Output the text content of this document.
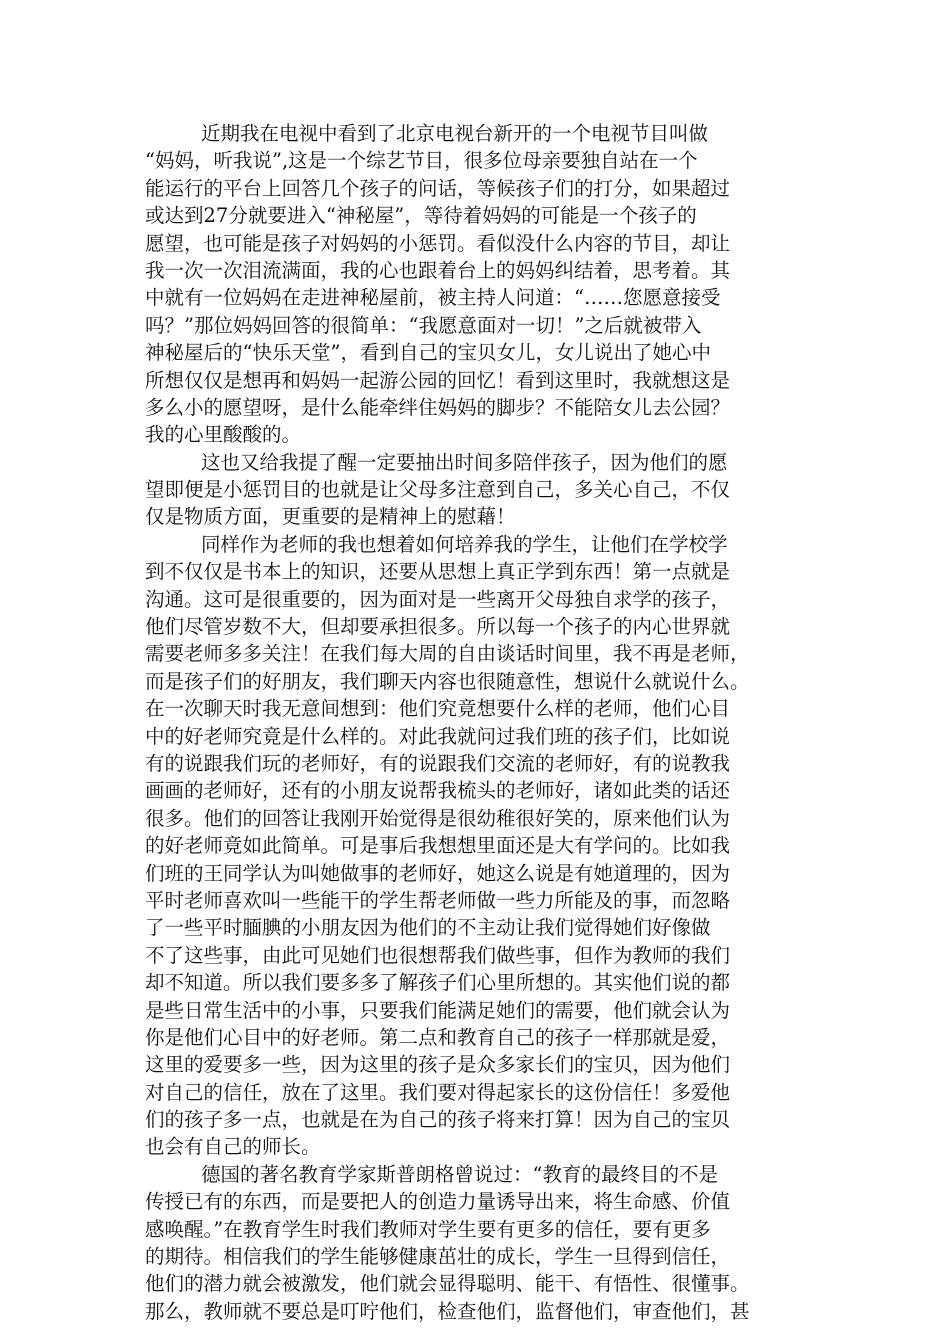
近期我在电视中看到了北京电视台新开的一个电视节目叫做
“妈妈，听我说”,这是一个综艺节目，很多位母亲要独自站在一个
能运行的平台上回答几个孩子的问话，等候孩子们的打分，如果超过
或达到27分就要进入“神秘屋”，等待着妈妈的可能是一个孩子的
愿望，也可能是孩子对妈妈的小惩罚。看似没什么内容的节目，却让
我一次一次泪流满面，我的心也跟着台上的妈妈纠结着，思考着。其
中就有一位妈妈在走进神秘屋前，被主持人问道：“……您愿意接受
吗？”那位妈妈回答的很简单：“我愿意面对一切！”之后就被带入
神秘屋后的“快乐天堂”，看到自己的宝贝女儿，女儿说出了她心中
所想仅仅是想再和妈妈一起游公园的回忆！看到这里时，我就想这是
多么小的愿望呀，是什么能牵绊住妈妈的脚步？不能陪女儿去公园？
我的心里酸酸的。
这也又给我提了醒一定要抽出时间多陪伴孩子，因为他们的愿
望即便是小惩罚目的也就是让父母多注意到自己，多关心自己，不仅
仅是物质方面，更重要的是精神上的慰藉！
同样作为老师的我也想着如何培养我的学生，让他们在学校学
到不仅仅是书本上的知识，还要从思想上真正学到东西！第一点就是
沟通。这可是很重要的，因为面对是一些离开父母独自求学的孩子，
他们尽管岁数不大，但却要承担很多。所以每一个孩子的内心世界就
需要老师多多关注！在我们每大周的自由谈话时间里，我不再是老师，
而是孩子们的好朋友，我们聊天内容也很随意性，想说什么就说什么。
在一次聊天时我无意间想到：他们究竟想要什么样的老师，他们心目
中的好老师究竟是什么样的。对此我就问过我们班的孩子们，比如说
有的说跟我们玩的老师好，有的说跟我们交流的老师好，有的说教我
画画的老师好，还有的小朋友说帮我梳头的老师好，诸如此类的话还
很多。他们的回答让我刚开始觉得是很幼稚很好笑的，原来他们认为
的好老师竟如此简单。可是事后我想想里面还是大有学问的。比如我
们班的王同学认为叫她做事的老师好，她这么说是有她道理的，因为
平时老师喜欢叫一些能干的学生帮老师做一些力所能及的事，而忽略
了一些平时腼腆的小朋友因为他们的不主动让我们觉得她们好像做
不了这些事，由此可见她们也很想帮我们做些事，但作为教师的我们
却不知道。所以我们要多多了解孩子们心里所想的。其实他们说的都
是些日常生活中的小事，只要我们能满足她们的需要，他们就会认为
你是他们心目中的好老师。第二点和教育自己的孩子一样那就是爱，
这里的爱要多一些，因为这里的孩子是众多家长们的宝贝，因为他们
对自己的信任，放在了这里。我们要对得起家长的这份信任！多爱他
们的孩子多一点，也就是在为自己的孩子将来打算！因为自己的宝贝
也会有自己的师长。
德国的著名教育学家斯普朗格曾说过：“教育的最终目的不是
传授已有的东西，而是要把人的创造力量诱导出来，将生命感、价值
感唤醒。”在教育学生时我们教师对学生要有更多的信任，要有更多
的期待。相信我们的学生能够健康茁壮的成长，学生一旦得到信任，
他们的潜力就会被激发，他们就会显得聪明、能干、有悟性、很懂事。
那么，教师就不要总是叮咛他们，检查他们，监督他们，审查他们，甚
